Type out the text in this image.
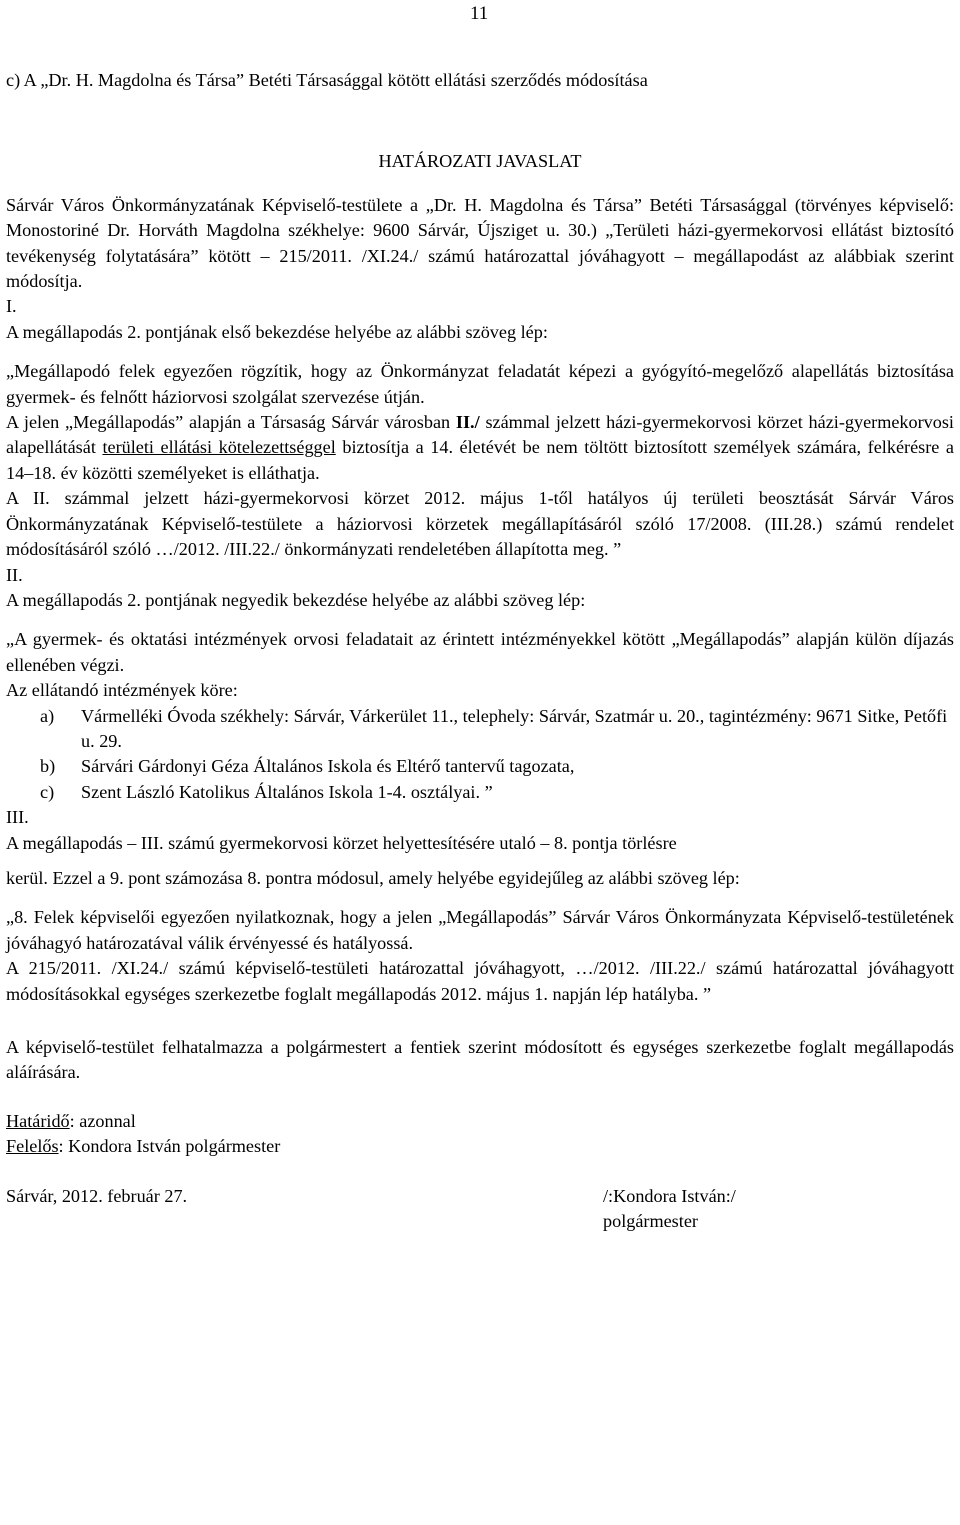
11

c) A „Dr. H. Magdolna és Társa” Betéti Társasággal kötött ellátási szerződés módosítása

HATÁROZATI JAVASLAT

Sárvár Város Önkormányzatának Képviselő-testülete a „Dr. H. Magdolna és Társa” Betéti Társasággal (törvényes képviselő: Monostoriné Dr. Horváth Magdolna székhelye: 9600 Sárvár, Újsziget u. 30.) „Területi házi-gyermekorvosi ellátást biztosító tevékenység folytatására” kötött – 215/2011. /XI.24./ számú határozattal jóváhagyott – megállapodást az alábbiak szerint módosítja.

I.

A megállapodás 2. pontjának első bekezdése helyébe az alábbi szöveg lép:

„Megállapodó felek egyezően rögzítik, hogy az Önkormányzat feladatát képezi a gyógyító-megelőző alapellátás biztosítása gyermek- és felnőtt háziorvosi szolgálat szervezése útján.

A jelen „Megállapodás” alapján a Társaság Sárvár városban II./ számmal jelzett házi-gyermekorvosi körzet házi-gyermekorvosi alapellátását területi ellátási kötelezettséggel biztosítja a 14. életévét be nem töltött biztosított személyek számára, felkérésre a 14–18. év közötti személyeket is elláthatja.

A II. számmal jelzett házi-gyermekorvosi körzet 2012. május 1-től hatályos új területi beosztását Sárvár Város Önkormányzatának Képviselő-testülete a háziorvosi körzetek megállapításáról szóló 17/2008. (III.28.) számú rendelet módosításáról szóló …/2012. /III.22./ önkormányzati rendeletében állapította meg. ”

II.

A megállapodás 2. pontjának negyedik bekezdése helyébe az alábbi szöveg lép:

„A gyermek- és oktatási intézmények orvosi feladatait az érintett intézményekkel kötött „Megállapodás” alapján külön díjazás ellenében végzi.

Az ellátandó intézmények köre:

a)	Vármelléki Óvoda székhely: Sárvár, Várkerület 11., telephely: Sárvár, Szatmár u. 20., tagintézmény: 9671 Sitke, Petőfi u. 29.
b)	Sárvári Gárdonyi Géza Általános Iskola és Eltérő tantervű tagozata,
c)	Szent László Katolikus Általános Iskola 1-4. osztályai. ”

III.

A megállapodás – III. számú gyermekorvosi körzet helyettesítésére utaló – 8. pontja törlésre

kerül. Ezzel a 9. pont számozása 8. pontra módosul, amely helyébe egyidejűleg az alábbi szöveg lép:

„8. Felek képviselői egyezően nyilatkoznak, hogy a jelen „Megállapodás” Sárvár Város Önkormányzata Képviselő-testületének jóváhagyó határozatával válik érvényessé és hatályossá.

A 215/2011. /XI.24./ számú képviselő-testületi határozattal jóváhagyott, …/2012. /III.22./ számú határozattal jóváhagyott módosításokkal egységes szerkezetbe foglalt megállapodás 2012. május 1. napján lép hatályba. ”

A képviselő-testület felhatalmazza a polgármestert a fentiek szerint módosított és egységes szerkezetbe foglalt megállapodás aláírására.

Határidő: azonnal

Felelős: Kondora István polgármester

Sárvár, 2012. február 27.	/:Kondora István:/
polgármester
